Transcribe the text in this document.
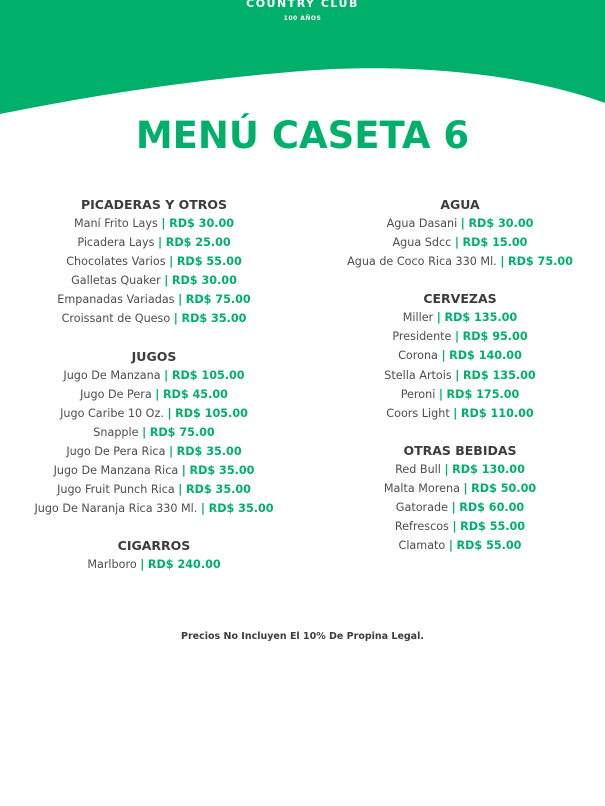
COUNTRY CLUB
100 AÑOS
MENÚ CASETA 6
PICADERAS Y OTROS
Maní Frito Lays | RD$ 30.00
Picadera Lays | RD$ 25.00
Chocolates Varios | RD$ 55.00
Galletas Quaker | RD$ 30.00
Empanadas Variadas | RD$ 75.00
Croissant de Queso | RD$ 35.00
JUGOS
Jugo De Manzana | RD$ 105.00
Jugo De Pera | RD$ 45.00
Jugo Caribe 10 Oz. | RD$ 105.00
Snapple | RD$ 75.00
Jugo De Pera Rica | RD$ 35.00
Jugo De Manzana Rica | RD$ 35.00
Jugo Fruit Punch Rica | RD$ 35.00
Jugo De Naranja Rica 330 Ml. | RD$ 35.00
CIGARROS
Marlboro | RD$ 240.00
AGUA
Agua Dasani | RD$ 30.00
Agua Sdcc | RD$ 15.00
Agua de Coco Rica 330 Ml. | RD$ 75.00
CERVEZAS
Miller | RD$ 135.00
Presidente | RD$ 95.00
Corona | RD$ 140.00
Stella Artois | RD$ 135.00
Peroni | RD$ 175.00
Coors Light | RD$ 110.00
OTRAS BEBIDAS
Red Bull | RD$ 130.00
Malta Morena | RD$ 50.00
Gatorade | RD$ 60.00
Refrescos | RD$ 55.00
Clamato | RD$ 55.00
Precios No Incluyen El 10% De Propina Legal.
